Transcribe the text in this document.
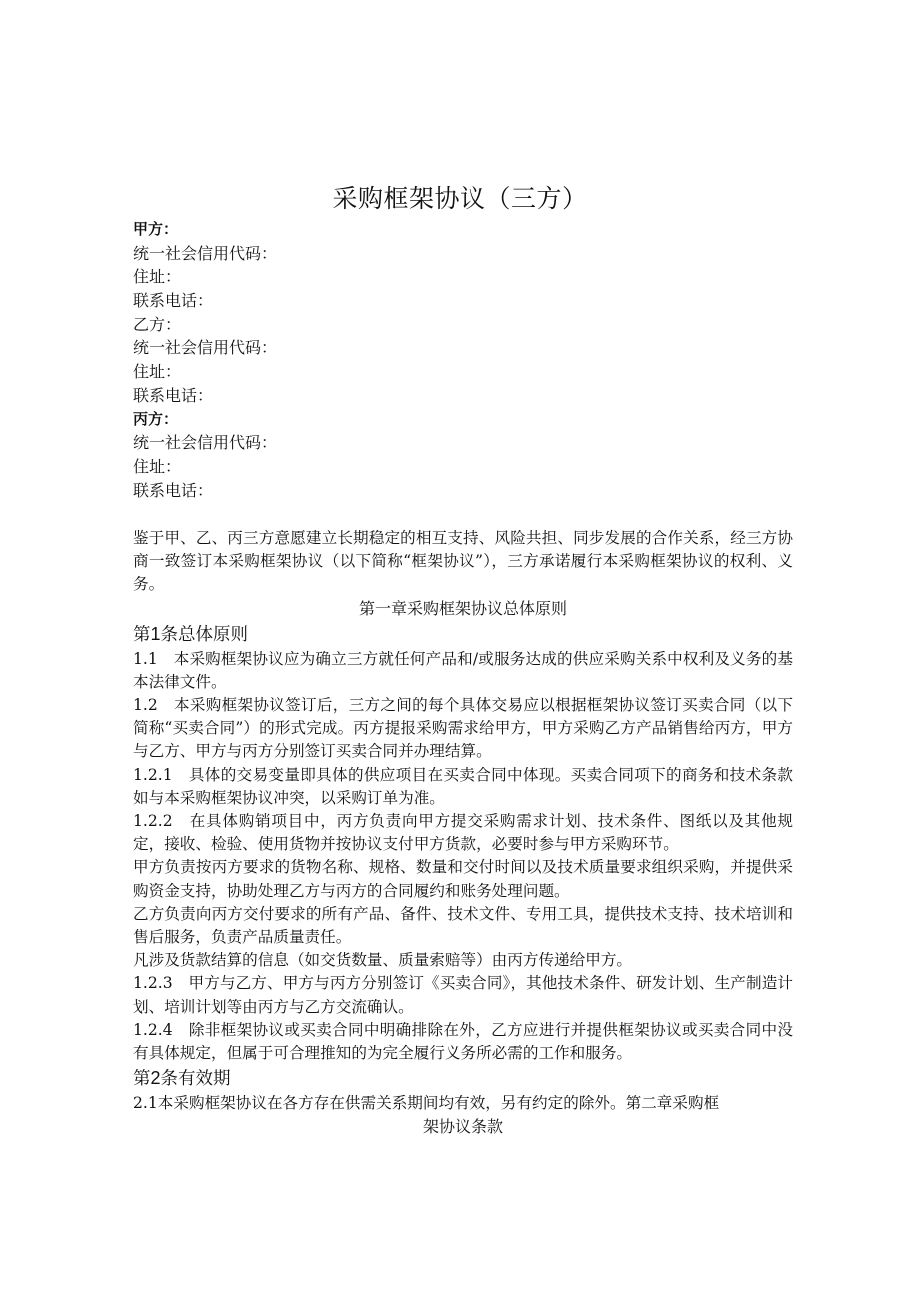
采购框架协议（三方）
甲方：
统一社会信用代码：
住址：
联系电话：
乙方：
统一社会信用代码：
住址：
联系电话：
丙方：
统一社会信用代码：
住址：
联系电话：

鉴于甲、乙、丙三方意愿建立长期稳定的相互支持、风险共担、同步发展的合作关系，经三方协商一致签订本采购框架协议（以下简称“框架协议”），三方承诺履行本采购框架协议的权利、义务。

第一章采购框架协议总体原则

第1条总体原则

1.1　本采购框架协议应为确立三方就任何产品和/或服务达成的供应采购关系中权利及义务的基本法律文件。

1.2　本采购框架协议签订后，三方之间的每个具体交易应以根据框架协议签订买卖合同（以下简称“买卖合同”）的形式完成。丙方提报采购需求给甲方，甲方采购乙方产品销售给丙方，甲方与乙方、甲方与丙方分别签订买卖合同并办理结算。

1.2.1　具体的交易变量即具体的供应项目在买卖合同中体现。买卖合同项下的商务和技术条款如与本采购框架协议冲突，以采购订单为准。

1.2.2　在具体购销项目中，丙方负责向甲方提交采购需求计划、技术条件、图纸以及其他规定，接收、检验、使用货物并按协议支付甲方货款，必要时参与甲方采购环节。

甲方负责按丙方要求的货物名称、规格、数量和交付时间以及技术质量要求组织采购，并提供采购资金支持，协助处理乙方与丙方的合同履约和账务处理问题。

乙方负责向丙方交付要求的所有产品、备件、技术文件、专用工具，提供技术支持、技术培训和售后服务，负责产品质量责任。

凡涉及货款结算的信息（如交货数量、质量索赔等）由丙方传递给甲方。

1.2.3　甲方与乙方、甲方与丙方分别签订《买卖合同》，其他技术条件、研发计划、生产制造计划、培训计划等由丙方与乙方交流确认。

1.2.4　除非框架协议或买卖合同中明确排除在外，乙方应进行并提供框架协议或买卖合同中没有具体规定，但属于可合理推知的为完全履行义务所必需的工作和服务。

第2条有效期

2.1本采购框架协议在各方存在供需关系期间均有效，另有约定的除外。第二章采购框

架协议条款
